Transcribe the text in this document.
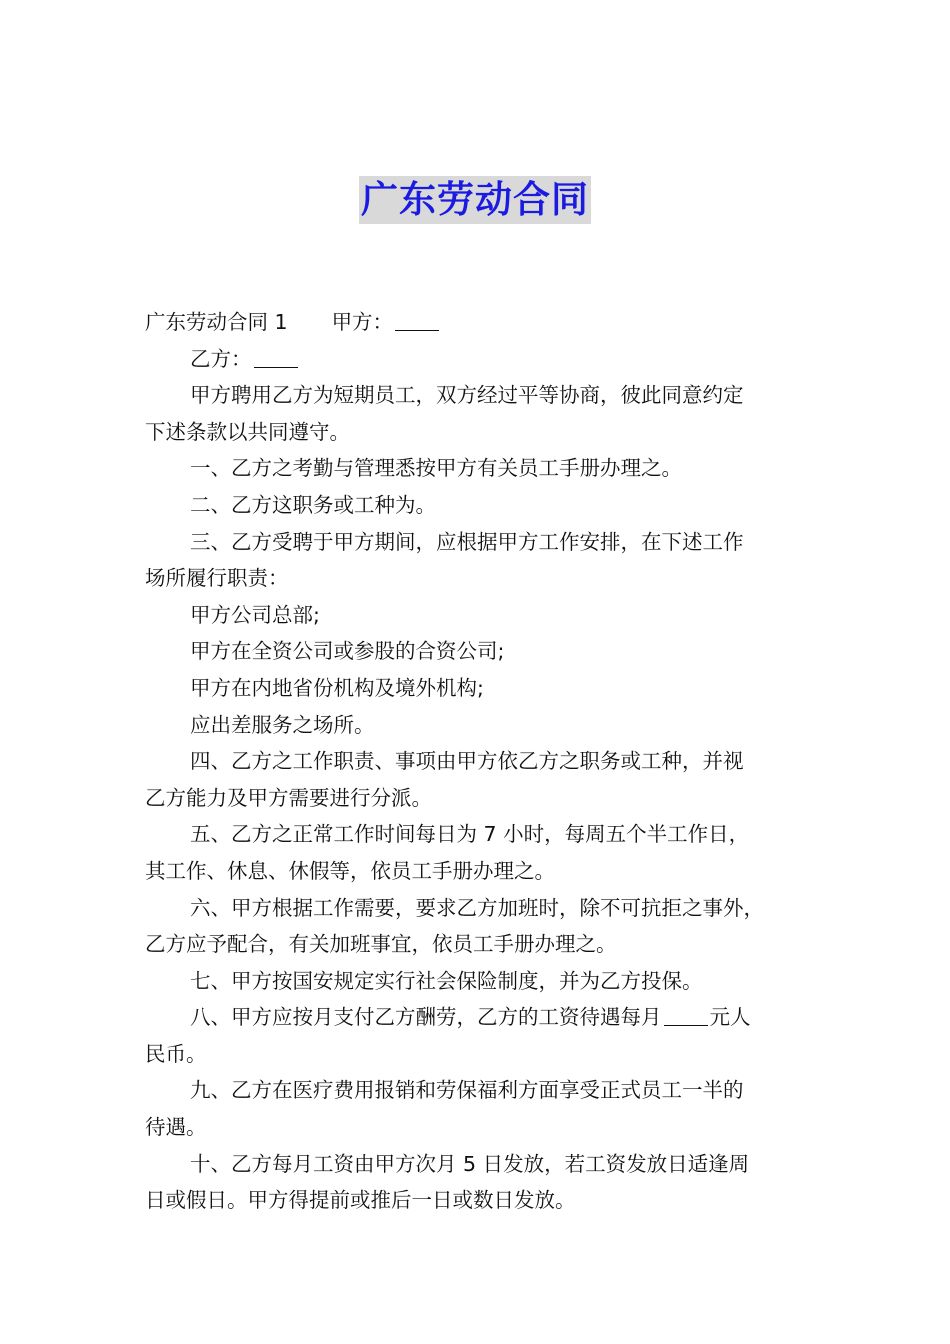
广东劳动合同
广东劳动合同 1 甲方：
乙方：
甲方聘用乙方为短期员工，双方经过平等协商，彼此同意约定
下述条款以共同遵守。
一、乙方之考勤与管理悉按甲方有关员工手册办理之。
二、乙方这职务或工种为。
三、乙方受聘于甲方期间，应根据甲方工作安排，在下述工作
场所履行职责：
甲方公司总部;
甲方在全资公司或参股的合资公司;
甲方在内地省份机构及境外机构;
应出差服务之场所。
四、乙方之工作职责、事项由甲方依乙方之职务或工种，并视
乙方能力及甲方需要进行分派。
五、乙方之正常工作时间每日为 7 小时，每周五个半工作日，
其工作、休息、休假等，依员工手册办理之。
六、甲方根据工作需要，要求乙方加班时，除不可抗拒之事外，
乙方应予配合，有关加班事宜，依员工手册办理之。
七、甲方按国安规定实行社会保险制度，并为乙方投保。
八、甲方应按月支付乙方酬劳，乙方的工资待遇每月 元人
民币。
九、乙方在医疗费用报销和劳保福利方面享受正式员工一半的
待遇。
十、乙方每月工资由甲方次月 5 日发放，若工资发放日适逢周
日或假日。甲方得提前或推后一日或数日发放。
